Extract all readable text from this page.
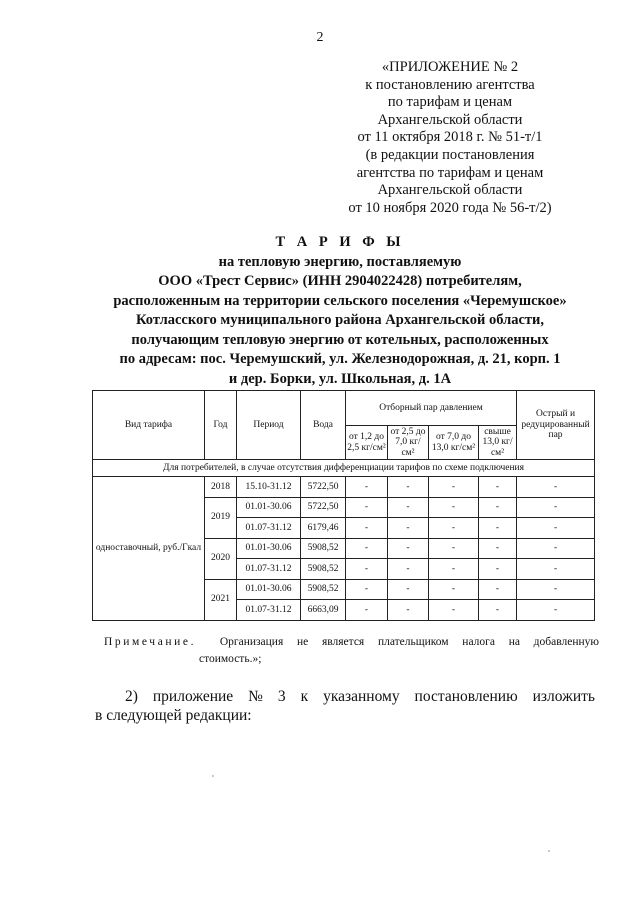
2
«ПРИЛОЖЕНИЕ № 2
к постановлению агентства
по тарифам и ценам
Архангельской области
от 11 октября 2018 г. № 51-т/1
(в редакции постановления
агентства по тарифам и ценам
Архангельской области
от 10 ноября 2020 года № 56-т/2)
Т А Р И Ф Ы
на тепловую энергию, поставляемую
ООО «Трест Сервис» (ИНН 2904022428) потребителям,
расположенным на территории сельского поселения «Черемушское»
Котласского муниципального района Архангельской области,
получающим тепловую энергию от котельных, расположенных
по адресам: пос. Черемушский, ул. Железнодорожная, д. 21, корп. 1
и дер. Борки, ул. Школьная, д. 1А
Вид тарифа	Год	Период	Вода	Отборный пар давлением				Острый и редуцированный пар
				от 1,2 до 2,5 кг/см²	от 2,5 до 7,0 кг/см²	от 7,0 до 13,0 кг/см²	свыше 13,0 кг/см²	
Для потребителей, в случае отсутствия дифференциации тарифов по схеме подключения								
одноставочный, руб./Гкал	2018	15.10-31.12	5722,50	-	-	-	-	-
	2019	01.01-30.06	5722,50	-	-	-	-	-
		01.07-31.12	6179,46	-	-	-	-	-
	2020	01.01-30.06	5908,52	-	-	-	-	-
		01.07-31.12	5908,52	-	-	-	-	-
	2021	01.01-30.06	5908,52	-	-	-	-	-
		01.07-31.12	6663,09	-	-	-	-	-
Примечание. Организация не является плательщиком налога на добавленную
стоимость.»;
2) приложение № 3 к указанному постановлению изложить
в следующей редакции:
